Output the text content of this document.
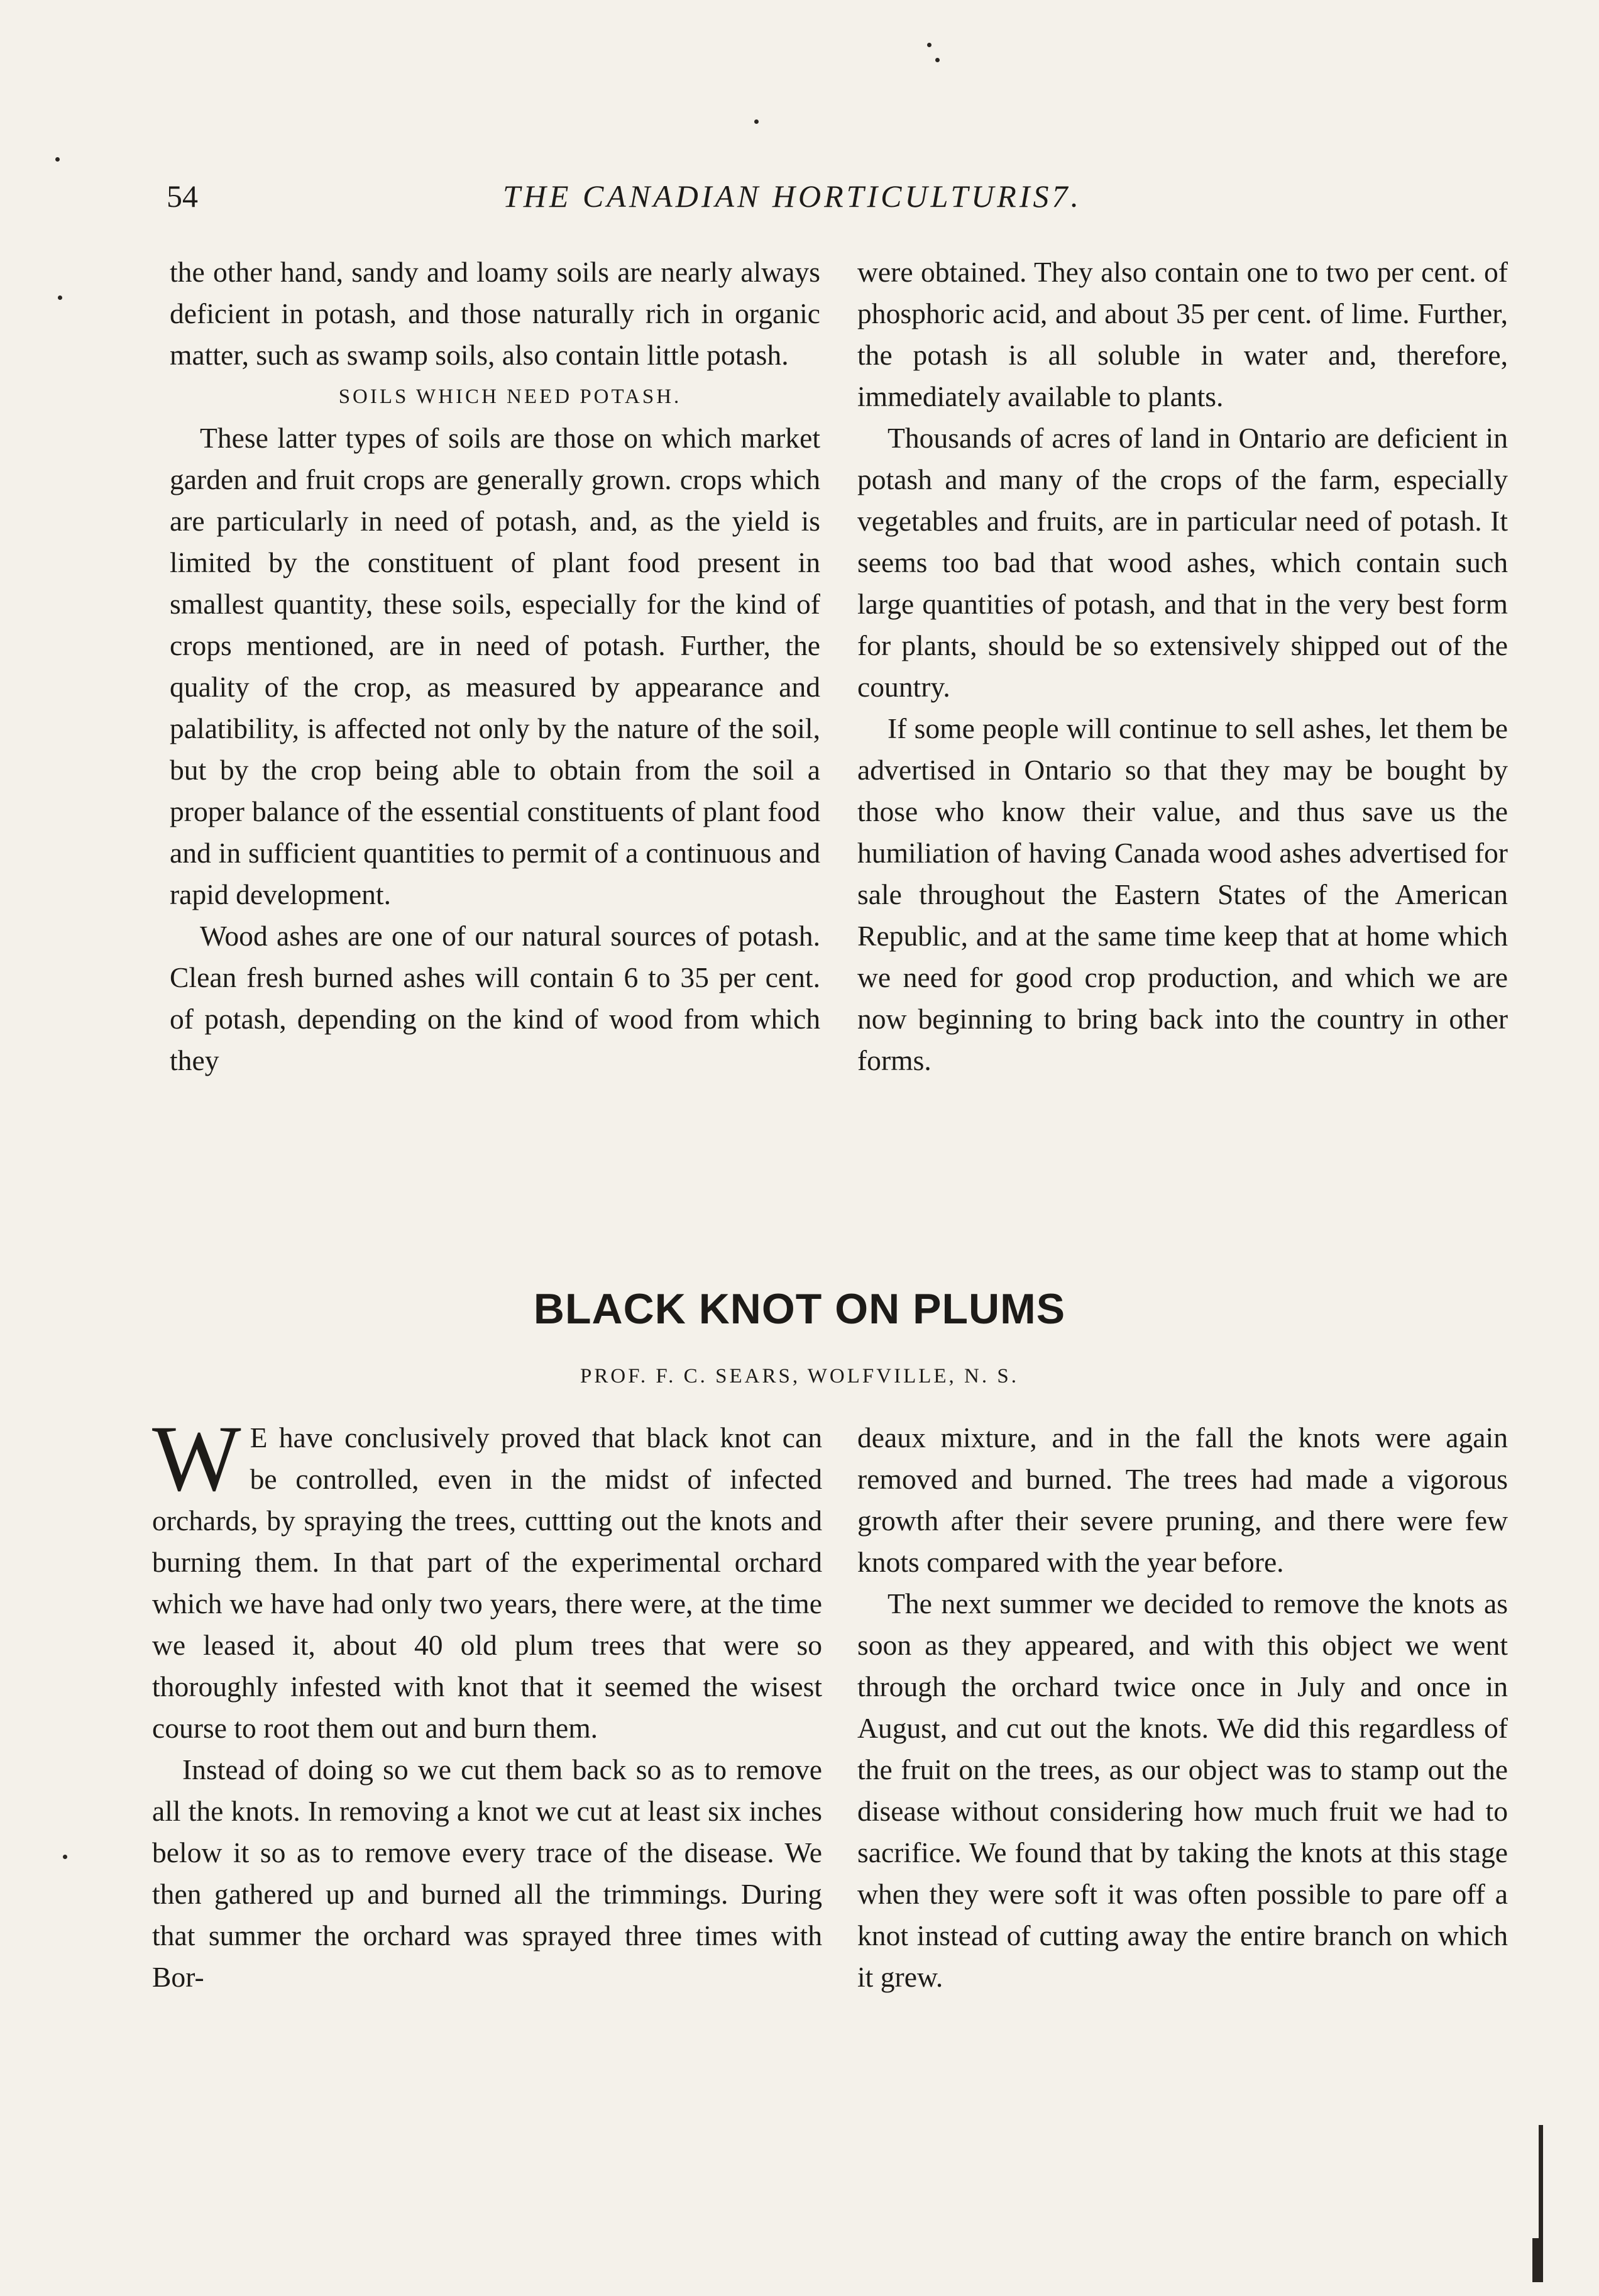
54	THE CANADIAN HORTICULTURIS7.

the other hand, sandy and loamy soils are nearly always deficient in potash, and those naturally rich in organic matter, such as swamp soils, also contain little potash.

SOILS WHICH NEED POTASH.

These latter types of soils are those on which market garden and fruit crops are generally grown. crops which are particularly in need of potash, and, as the yield is limited by the constituent of plant food present in smallest quantity, these soils, especially for the kind of crops mentioned, are in need of potash. Further, the quality of the crop, as measured by appearance and palatibility, is affected not only by the nature of the soil, but by the crop being able to obtain from the soil a proper balance of the essential constituents of plant food and in sufficient quantities to permit of a continuous and rapid development.

Wood ashes are one of our natural sources of potash. Clean fresh burned ashes will contain 6 to 35 per cent. of potash, depending on the kind of wood from which they

were obtained. They also contain one to two per cent. of phosphoric acid, and about 35 per cent. of lime. Further, the potash is all soluble in water and, therefore, immediately available to plants.

Thousands of acres of land in Ontario are deficient in potash and many of the crops of the farm, especially vegetables and fruits, are in particular need of potash. It seems too bad that wood ashes, which contain such large quantities of potash, and that in the very best form for plants, should be so extensively shipped out of the country.

If some people will continue to sell ashes, let them be advertised in Ontario so that they may be bought by those who know their value, and thus save us the humiliation of having Canada wood ashes advertised for sale throughout the Eastern States of the American Republic, and at the same time keep that at home which we need for good crop production, and which we are now beginning to bring back into the country in other forms.

BLACK KNOT ON PLUMS
PROF. F. C. SEARS, WOLFVILLE, N. S.

W E have conclusively proved that black knot can be controlled, even in the midst of infected orchards, by spraying the trees, cuttting out the knots and burning them. In that part of the experimental orchard which we have had only two years, there were, at the time we leased it, about 40 old plum trees that were so thoroughly infested with knot that it seemed the wisest course to root them out and burn them.

Instead of doing so we cut them back so as to remove all the knots. In removing a knot we cut at least six inches below it so as to remove every trace of the disease. We then gathered up and burned all the trimmings. During that summer the orchard was sprayed three times with Bor-

deaux mixture, and in the fall the knots were again removed and burned. The trees had made a vigorous growth after their severe pruning, and there were few knots compared with the year before.

The next summer we decided to remove the knots as soon as they appeared, and with this object we went through the orchard twice once in July and once in August, and cut out the knots. We did this regardless of the fruit on the trees, as our object was to stamp out the disease without considering how much fruit we had to sacrifice. We found that by taking the knots at this stage when they were soft it was often possible to pare off a knot instead of cutting away the entire branch on which it grew.
